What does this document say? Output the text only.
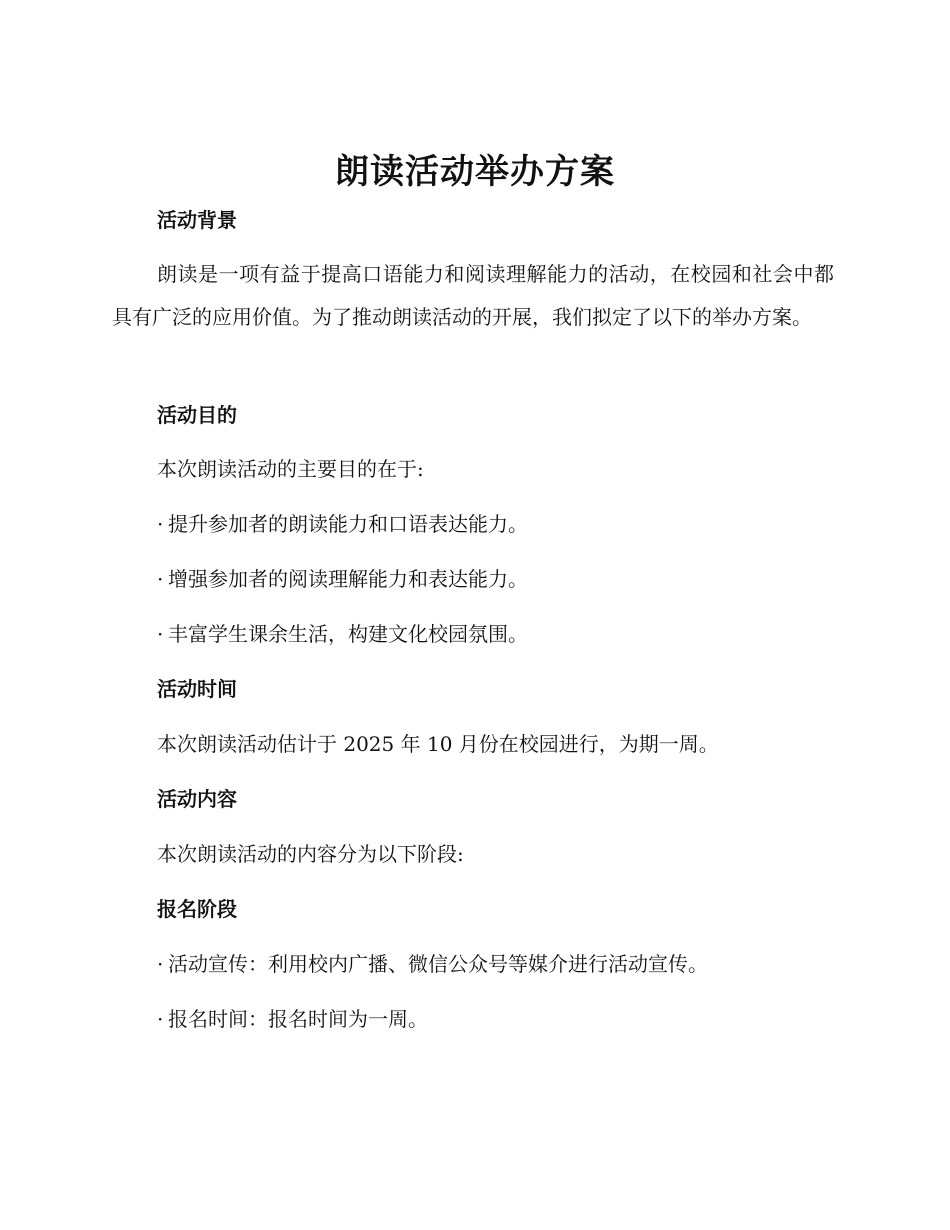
朗读活动举办方案
活动背景
朗读是一项有益于提高口语能力和阅读理解能力的活动，在校园和社会中都具有广泛的应用价值。为了推动朗读活动的开展，我们拟定了以下的举办方案。
活动目的
本次朗读活动的主要目的在于:
· 提升参加者的朗读能力和口语表达能力。
· 增强参加者的阅读理解能力和表达能力。
· 丰富学生课余生活，构建文化校园氛围。
活动时间
本次朗读活动估计于 2025 年 10 月份在校园进行，为期一周。
活动内容
本次朗读活动的内容分为以下阶段:
报名阶段
· 活动宣传：利用校内广播、微信公众号等媒介进行活动宣传。
· 报名时间：报名时间为一周。
